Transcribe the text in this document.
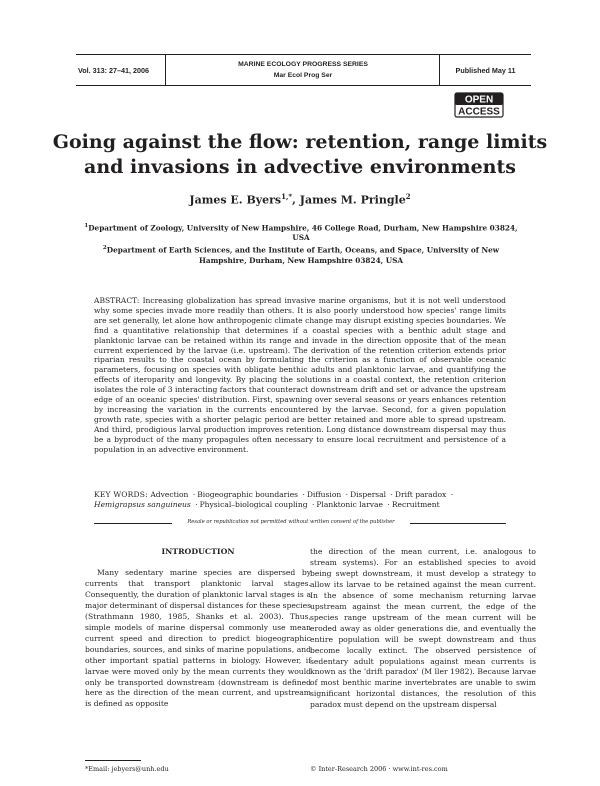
Vol. 313: 27–41, 2006
MARINE ECOLOGY PROGRESS SERIES
Mar Ecol Prog Ser
Published May 11
OPEN
ACCESS
Going against the flow: retention, range limits and invasions in advective environments
James E. Byers$^{1,*}$, James M. Pringle$^2$
$^1$Department of Zoology, University of New Hampshire, 46 College Road, Durham, New Hampshire 03824, USA
$^2$Department of Earth Sciences, and the Institute of Earth, Oceans, and Space, University of New Hampshire, Durham, New Hampshire 03824, USA
ABSTRACT: Increasing globalization has spread invasive marine organisms, but it is not well understood why some species invade more readily than others. It is also poorly understood how species' range limits are set generally, let alone how anthropogenic climate change may disrupt existing species boundaries. We find a quantitative relationship that determines if a coastal species with a benthic adult stage and planktonic larvae can be retained within its range and invade in the direction opposite that of the mean current experienced by the larvae (i.e. upstream). The derivation of the retention criterion extends prior riparian results to the coastal ocean by formulating the criterion as a function of observable oceanic parameters, focusing on species with obligate benthic adults and planktonic larvae, and quantifying the effects of iteroparity and longevity. By placing the solutions in a coastal context, the retention criterion isolates the role of 3 interacting factors that counteract downstream drift and set or advance the upstream edge of an oceanic species' distribution. First, spawning over several seasons or years enhances retention by increasing the variation in the currents encountered by the larvae. Second, for a given population growth rate, species with a shorter pelagic period are better retained and more able to spread upstream. And third, prodigious larval production improves retention. Long distance downstream dispersal may thus be a byproduct of the many propagules often necessary to ensure local recruitment and persistence of a population in an advective environment.
KEY WORDS: Advection · Biogeographic boundaries · Diffusion · Dispersal · Drift paradox ·
Hemigrapsus sanguineus · Physical–biological coupling · Planktonic larvae · Recruitment
Resale or republication not permitted without written consent of the publisher
INTRODUCTION

Many sedentary marine species are dispersed by currents that transport planktonic larval stages. Consequently, the duration of planktonic larval stages is a major determinant of dispersal distances for these species (Strathmann 1980, 1985, Shanks et al. 2003). Thus, simple models of marine dispersal commonly use mean current speed and direction to predict biogeographic boundaries, sources, and sinks of marine populations, and other important spatial patterns in biology. However, if larvae were moved only by the mean currents they would only be transported downstream (downstream is defined here as the direction of the mean current, and upstream is defined as opposite

the direction of the mean current, i.e. analogous to stream systems). For an established species to avoid being swept downstream, it must develop a strategy to allow its larvae to be retained against the mean current. In the absence of some mechanism returning larvae upstream against the mean current, the edge of the species range upstream of the mean current will be eroded away as older generations die, and eventually the entire population will be swept downstream and thus become locally extinct. The observed persistence of sedentary adult populations against mean currents is known as the 'drift paradox' (M ller 1982). Because larvae of most benthic marine invertebrates are unable to swim significant horizontal distances, the resolution of this paradox must depend on the upstream dispersal

*Email: jebyers@unh.edu	© Inter-Research 2006 · www.int-res.com
